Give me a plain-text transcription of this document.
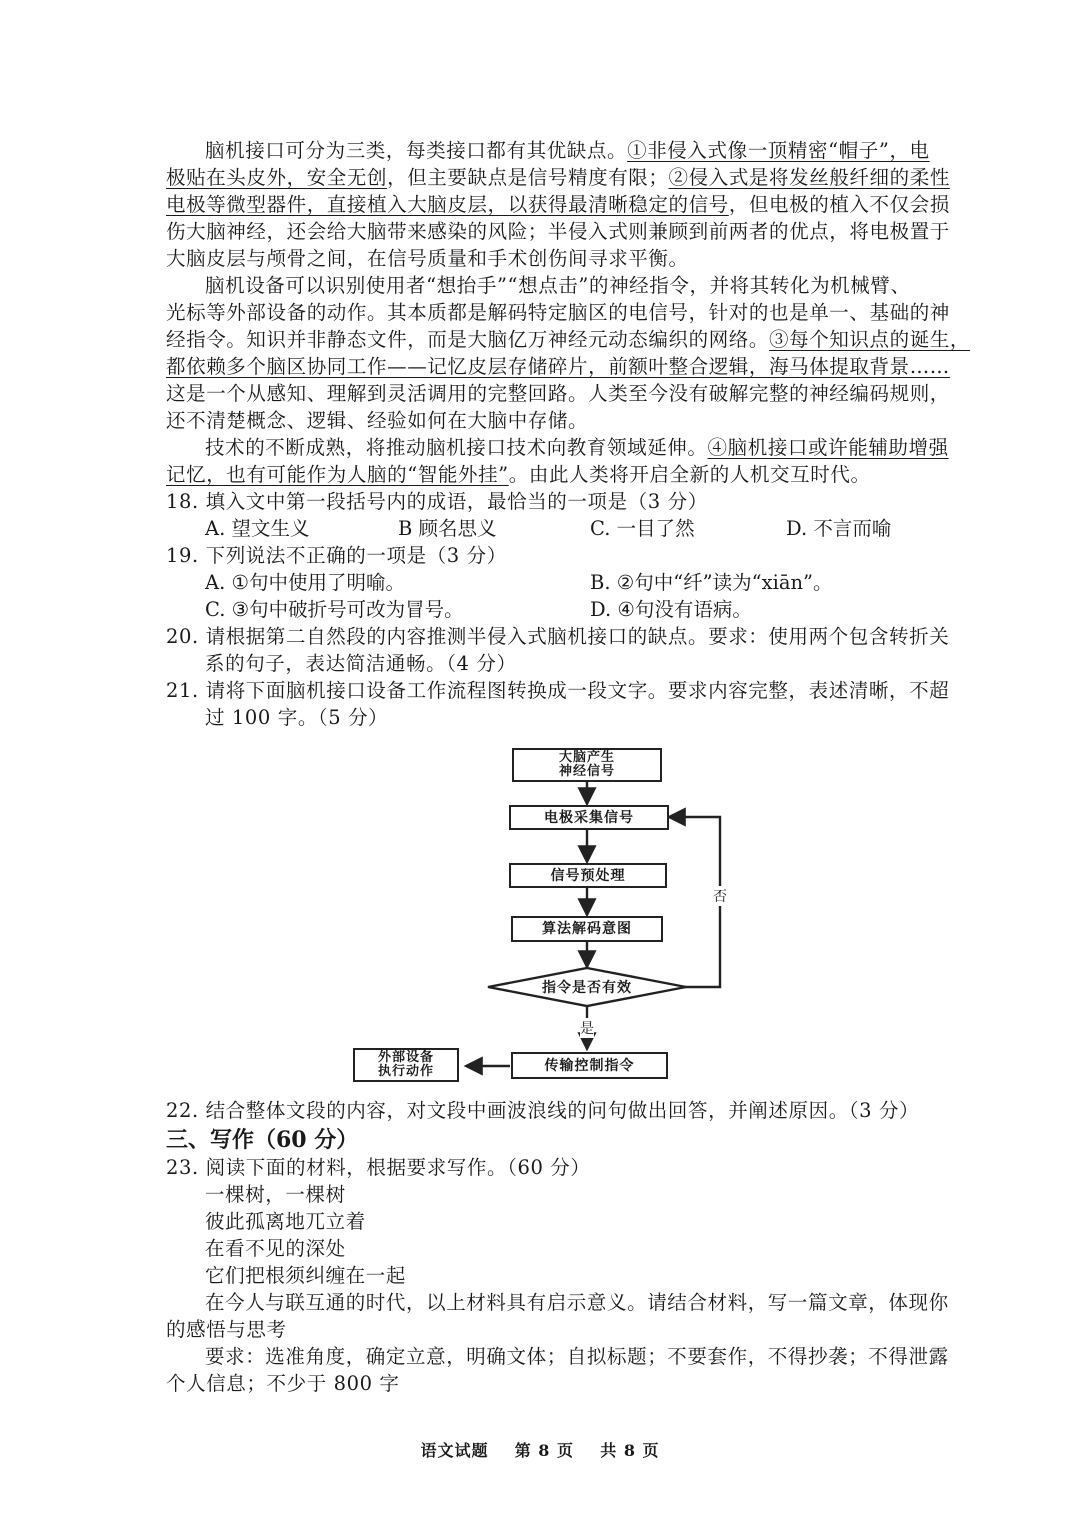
脑机接口可分为三类，每类接口都有其优缺点。①非侵入式像一顶精密“帽子”，电
极贴在头皮外，安全无创，但主要缺点是信号精度有限；②侵入式是将发丝般纤细的柔性
电极等微型器件，直接植入大脑皮层，以获得最清晰稳定的信号，但电极的植入不仅会损
伤大脑神经，还会给大脑带来感染的风险；半侵入式则兼顾到前两者的优点，将电极置于
大脑皮层与颅骨之间，在信号质量和手术创伤间寻求平衡。
脑机设备可以识别使用者“想抬手”“想点击”的神经指令，并将其转化为机械臂、
光标等外部设备的动作。其本质都是解码特定脑区的电信号，针对的也是单一、基础的神
经指令。知识并非静态文件，而是大脑亿万神经元动态编织的网络。③每个知识点的诞生，
都依赖多个脑区协同工作——记忆皮层存储碎片，前额叶整合逻辑，海马体提取背景……
这是一个从感知、理解到灵活调用的完整回路。人类至今没有破解完整的神经编码规则，
还不清楚概念、逻辑、经验如何在大脑中存储。
技术的不断成熟，将推动脑机接口技术向教育领域延伸。④脑机接口或许能辅助增强
记忆，也有可能作为人脑的“智能外挂”。由此人类将开启全新的人机交互时代。
18. 填入文中第一段括号内的成语，最恰当的一项是（3 分）
A. 望文生义	B 顾名思义	C. 一目了然	D. 不言而喻
19. 下列说法不正确的一项是（3 分）
A. ①句中使用了明喻。	B. ②句中“纤”读为“xiān”。
C. ③句中破折号可改为冒号。	D. ④句没有语病。
20. 请根据第二自然段的内容推测半侵入式脑机接口的缺点。要求：使用两个包含转折关
系的句子，表达简洁通畅。（4 分）
21. 请将下面脑机接口设备工作流程图转换成一段文字。要求内容完整，表述清晰，不超
过 100 字。（5 分）
大脑产生
神经信号
电极采集信号
信号预处理
算法解码意图
指令是否有效
否
是
传输控制指令
外部设备
执行动作
22. 结合整体文段的内容，对文段中画波浪线的问句做出回答，并阐述原因。（3 分）
三、写作（60 分）
23. 阅读下面的材料，根据要求写作。（60 分）
一棵树，一棵树
彼此孤离地兀立着
在看不见的深处
它们把根须纠缠在一起
在今人与联互通的时代，以上材料具有启示意义。请结合材料，写一篇文章，体现你
的感悟与思考
要求：选准角度，确定立意，明确文体；自拟标题；不要套作，不得抄袭；不得泄露
个人信息；不少于 800 字
语文试题    第 8 页    共 8 页
